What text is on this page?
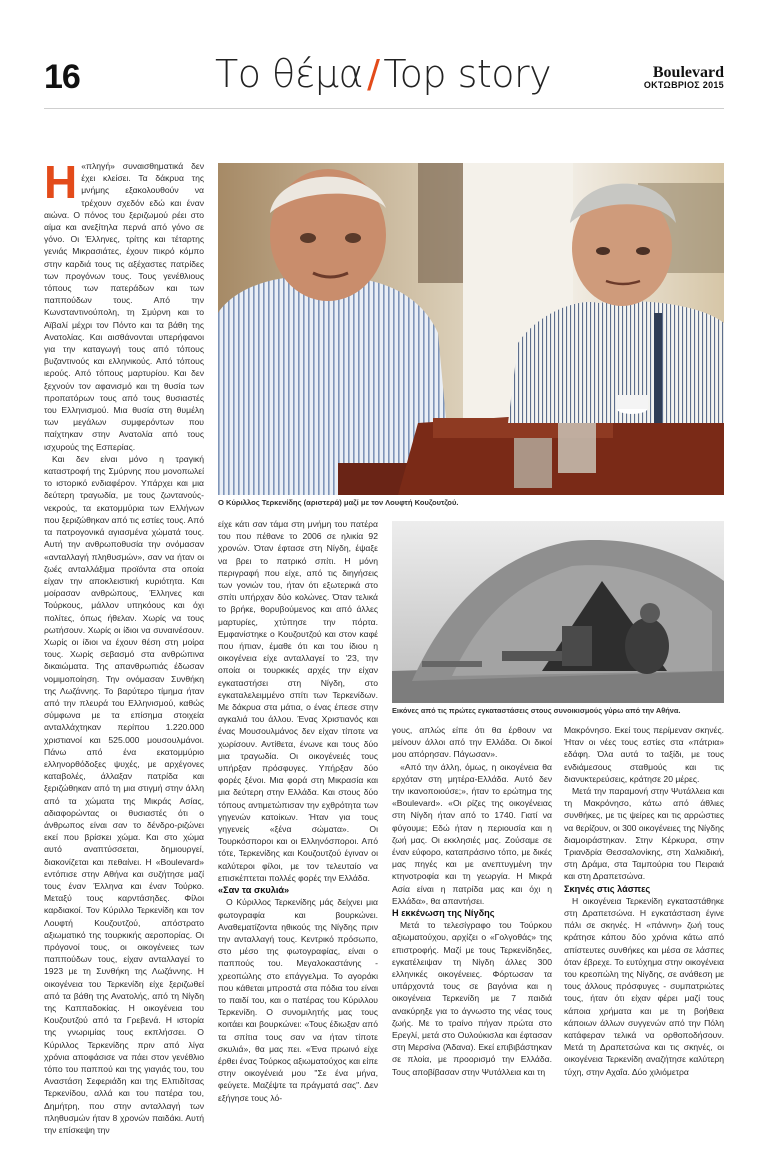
16	Το θέμα / Top story	Boulevard
ΟΚΤΩΒΡΙΟΣ 2015

Η «πληγή» συναισθηματικά δεν έχει κλείσει. Τα δάκρυα της μνήμης εξακολουθούν να τρέχουν σχεδόν εδώ και έναν αιώνα. Ο πόνος του ξεριζωμού ρέει στο αίμα και ανεξίτηλα περνά από γόνο σε γόνο. Οι Έλληνες, τρίτης και τέταρτης γενιάς Μικρασιάτες, έχουν πικρό κόμπο στην καρδιά τους τις αξέχαστες πατρίδες των προγόνων τους. Τους γενέθλιους τόπους των πατεράδων και των παππούδων τους. Από την Κωνσταντινούπολη, τη Σμύρνη και το Αϊβαλί μέχρι τον Πόντο και τα βάθη της Ανατολίας. Και αισθάνονται υπερήφανοι για την καταγωγή τους από τόπους βυζαντινούς και ελληνικούς. Από τόπους ιερούς. Από τόπους μαρτυρίου. Και δεν ξεχνούν τον αφανισμό και τη θυσία των προπατόρων τους από τους θυσιαστές του Ελληνισμού. Μια θυσία στη θυμέλη των μεγάλων συμφερόντων που παίχτηκαν στην Ανατολία από τους ισχυρούς της Εσπερίας.

Και δεν είναι μόνο η τραγική καταστροφή της Σμύρνης που μονοπωλεί το ιστορικό ενδιαφέρον. Υπάρχει και μια δεύτερη τραγωδία, με τους ζωντανούς-νεκρούς, τα εκατομμύρια των Ελλήνων που ξεριζώθηκαν από τις εστίες τους. Από τα πατρογονικά αγιασμένα χώματά τους. Αυτή την ανθρωποθυσία την ονόμασαν «ανταλλαγή πληθυσμών», σαν να ήταν οι ζωές ανταλλάξιμα προϊόντα στα οποία είχαν την αποκλειστική κυριότητα. Και μοίρασαν ανθρώπους, Έλληνες και Τούρκους, μάλλον υπηκόους και όχι πολίτες, όπως ήθελαν. Χωρίς να τους ρωτήσουν. Χωρίς οι ίδιοι να συναινέσουν. Χωρίς οι ίδιοι να έχουν θέση στη μοίρα τους. Χωρίς σεβασμό στα ανθρώπινα δικαιώματα. Της απανθρωπιάς έδωσαν νομιμοποίηση. Την ονόμασαν Συνθήκη της Λωζάννης. Το βαρύτερο τίμημα ήταν από την πλευρά του Ελληνισμού, καθώς σύμφωνα με τα επίσημα στοιχεία ανταλλάχτηκαν περίπου 1.220.000 χριστιανοί και 525.000 μουσουλμάνοι. Πάνω από ένα εκατομμύριο ελληνορθόδοξες ψυχές, με αρχέγονες καταβολές, άλλαξαν πατρίδα και ξεριζώθηκαν από τη μια στιγμή στην άλλη από τα χώματα της Μικράς Ασίας, αδιαφορώντας οι θυσιαστές ότι ο άνθρωπος είναι σαν το δένδρο-ριζώνει εκεί που βρίσκει χώμα. Και στο χώμα αυτό αναπτύσσεται, δημιουργεί, διακονίζεται και πεθαίνει. Η «Boulevard» εντόπισε στην Αθήνα και συζήτησε μαζί τους έναν Έλληνα και έναν Τούρκο. Μεταξύ τους καρντάσηδες. Φίλοι καρδιακοί. Τον Κύριλλο Τερκενίδη και τον Λουφτή Κουζουτζού, απόστρατο αξιωματικό της τουρκικής αεροπορίας. Οι πρόγονοί τους, οι οικογένειες των παππούδων τους, είχαν ανταλλαγεί το 1923 με τη Συνθήκη της Λωζάννης. Η οικογένεια του Τερκενίδη είχε ξεριζωθεί από τα βάθη της Ανατολής, από τη Νίγδη της Καππαδοκίας. Η οικογένεια του Κουζουτζού από τα Γρεβενά. Η ιστορία της γνωριμίας τους εκπλήσσει. Ο Κύριλλος Τερκενίδης πριν από λίγα χρόνια αποφάσισε να πάει στον γενέθλιο τόπο του παππού και της γιαγιάς του, του Αναστάση Σεφεριάδη και της Ελπιδίτσας Τερκενίδου, αλλά και του πατέρα του, Δημήτρη, που στην ανταλλαγή των πληθυσμών ήταν 8 χρονών παιδάκι. Αυτή την επίσκεψη την

Ο Κύριλλος Τερκενίδης (αριστερά) μαζί με τον Λουφτή Κουζουτζού.

είχε κάτι σαν τάμα στη μνήμη του πατέρα του που πέθανε το 2006 σε ηλικία 92 χρονών. Όταν έφτασε στη Νίγδη, έψαξε να βρει το πατρικό σπίτι. Η μόνη περιγραφή που είχε, από τις διηγήσεις των γονιών του, ήταν ότι εξωτερικά στο σπίτι υπήρχαν δύο κολώνες. Όταν τελικά το βρήκε, θορυβούμενος και από άλλες μαρτυρίες, χτύπησε την πόρτα. Εμφανίστηκε ο Κουζουτζού και στον καφέ που ήπιαν, έμαθε ότι και του ίδιου η οικογένεια είχε ανταλλαγεί το '23, την οποία οι τουρκικές αρχές την είχαν εγκαταστήσει στη Νίγδη, στο εγκαταλελειμμένο σπίτι των Τερκενίδων. Με δάκρυα στα μάτια, ο ένας έπεσε στην αγκαλιά του άλλου. Ένας Χριστιανός και ένας Μουσουλμάνος δεν είχαν τίποτε να χωρίσουν. Αντίθετα, ένωνε και τους δύο μια τραγωδία. Οι οικογένειές τους υπήρξαν πρόσφυγες. Υπήρξαν δύο φορές ξένοι. Μια φορά στη Μικρασία και μια δεύτερη στην Ελλάδα. Και στους δύο τόπους αντιμετώπισαν την εχθρότητα των γηγενών κατοίκων. Ήταν για τους γηγενείς «ξένα σώματα». Οι Τουρκόσποροι και οι Ελληνόσποροι. Από τότε, Τερκενίδης και Κουζουτζού έγιναν οι καλύτεροι φίλοι, με τον τελευταίο να επισκέπτεται πολλές φορές την Ελλάδα.

«Σαν τα σκυλιά»

Ο Κύριλλος Τερκενίδης μάς δείχνει μια φωτογραφία και βουρκώνει. Αναθεματίζοντα ηθικούς της Νίγδης πριν την ανταλλαγή τους. Κεντρικό πρόσωπο, στο μέσο της φωτογραφίας, είναι ο παππούς του. Μεγαλοκαστάνης - χρεοπώλης στο επάγγελμα. Το αγοράκι που κάθεται μπροστά στα πόδια του είναι το παιδί του, και ο πατέρας του Κύριλλου Τερκενίδη. Ο συνομιλητής μας τους κοιτάει και βουρκώνει: «Τους έδιωξαν από τα σπίτια τους σαν να ήταν τίποτε σκυλιά», θα μας πει. «Ένα πρωινό είχε έρθει ένας Τούρκος αξιωματούχος και είπε στην οικογένειά μου "Σε ένα μήνα, φεύγετε. Μαζέψτε τα πράγματά σας". Δεν εξήγησε τους λό-

Εικόνες από τις πρώτες εγκαταστάσεις στους συνοικισμούς γύρω από την Αθήνα.

γους, απλώς είπε ότι θα έρθουν να μείνουν άλλοι από την Ελλάδα. Οι δικοί μου απόρησαν. Πάγωσαν».

«Από την άλλη, όμως, η οικογένεια θα ερχόταν στη μητέρα-Ελλάδα. Αυτό δεν την ικανοποιούσε;», ήταν το ερώτημα της «Boulevard». «Οι ρίζες της οικογένειας στη Νίγδη ήταν από το 1740. Γιατί να φύγουμε; Εδώ ήταν η περιουσία και η ζωή μας. Οι εκκλησιές μας. Ζούσαμε σε έναν εύφορο, καταπράσινο τόπο, με δικές μας πηγές και με ανεπτυγμένη την κτηνοτροφία και τη γεωργία. Η Μικρά Ασία είναι η πατρίδα μας και όχι η Ελλάδα», θα απαντήσει.

Η εκκένωση της Νίγδης

Μετά το τελεσίγραφο του Τούρκου αξιωματούχου, αρχίζει ο «Γολγοθάς» της επιστροφής. Μαζί με τους Τερκενίδηδες, εγκατέλειψαν τη Νίγδη άλλες 300 ελληνικές οικογένειες. Φόρτωσαν τα υπάρχοντά τους σε βαγόνια και η οικογένεια Τερκενίδη με 7 παιδιά ανακύρηξε για το άγνωστο της νέας τους ζωής. Με το τραίνο πήγαν πρώτα στο Ερεγλί, μετά στο Ουλούκισλα και έφτασαν στη Μερσίνα (Άδανα). Εκεί επιβιβάστηκαν σε πλοία, με προορισμό την Ελλάδα. Τους αποβίβασαν στην Ψυτάλλεια και τη

Μακρόνησο. Εκεί τους περίμεναν σκηνές. Ήταν οι νέες τους εστίες στα «πάτρια» εδάφη. Όλα αυτά το ταξίδι, με τους ενδιάμεσους σταθμούς και τις διανυκτερεύσεις, κράτησε 20 μέρες.

Μετά την παραμονή στην Ψυτάλλεια και τη Μακρόνησο, κάτω από άθλιες συνθήκες, με τις ψείρες και τις αρρώστιες να θερίζουν, οι 300 οικογένειες της Νίγδης διαμοιράστηκαν. Στην Κέρκυρα, στην Τριανδρία Θεσσαλονίκης, στη Χαλκιδική, στη Δράμα, στα Ταμπούρια του Πειραιά και στη Δραπετσώνα.

Σκηνές στις λάσπες

Η οικογένεια Τερκενίδη εγκαταστάθηκε στη Δραπετσώνα. Η εγκατάσταση έγινε πάλι σε σκηνές. Η «πάνινη» ζωή τους κράτησε κάπου δύο χρόνια κάτω από απίστευτες συνθήκες και μέσα σε λάσπες όταν έβρεχε. Το ευτύχημα στην οικογένεια του κρεοπώλη της Νίγδης, σε ανάθεση με τους άλλους πρόσφυγες - συμπατριώτες τους, ήταν ότι είχαν φέρει μαζί τους κάποια χρήματα και με τη βοήθεια κάποιων άλλων συγγενών από την Πόλη κατάφεραν τελικά να ορθοποδήσουν. Μετά τη Δραπετσώνα και τις σκηνές, οι οικογένεια Τερκενίδη αναζήτησε καλύτερη τύχη, στην Αχαΐα. Δύο χιλιόμετρα
